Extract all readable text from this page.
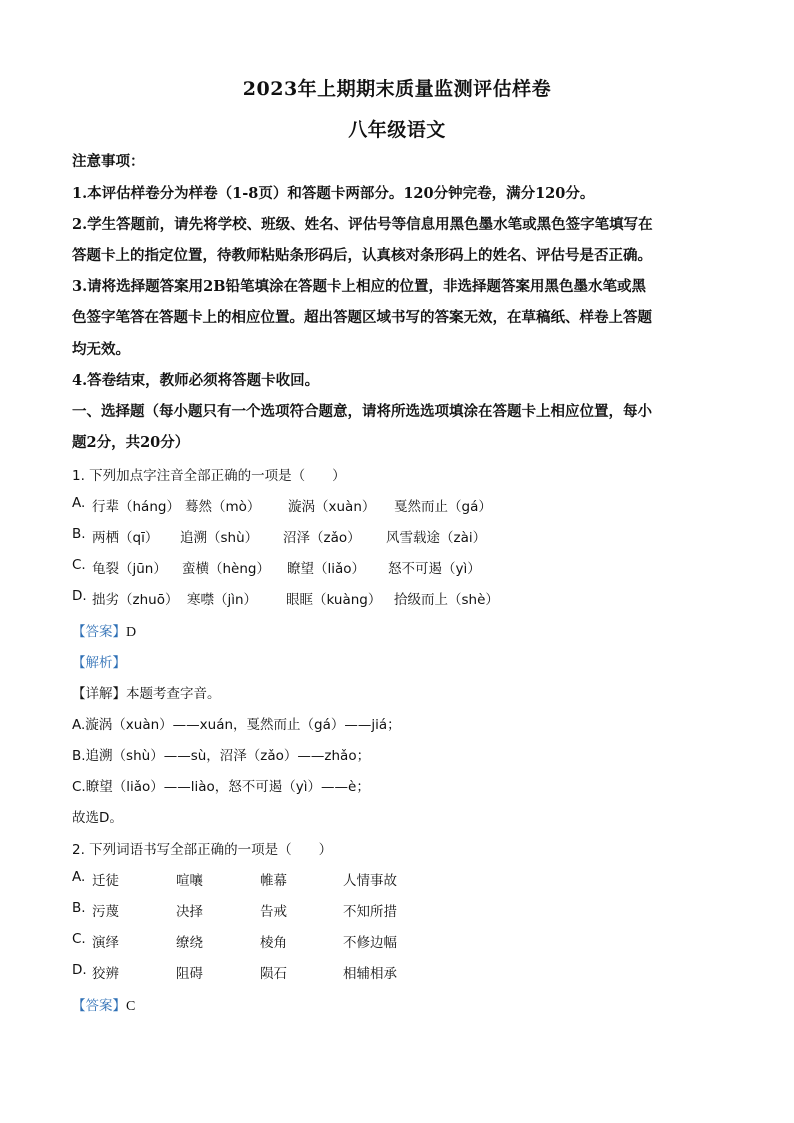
2023年上期期末质量监测评估样卷
八年级语文
注意事项：
1.本评估样卷分为样卷（1-8页）和答题卡两部分。120分钟完卷，满分120分。
2.学生答题前，请先将学校、班级、姓名、评估号等信息用黑色墨水笔或黑色签字笔填写在
答题卡上的指定位置，待教师粘贴条形码后，认真核对条形码上的姓名、评估号是否正确。
3.请将选择题答案用2B铅笔填涂在答题卡上相应的位置，非选择题答案用黑色墨水笔或黑
色签字笔答在答题卡上的相应位置。超出答题区域书写的答案无效，在草稿纸、样卷上答题
均无效。
4.答卷结束，教师必须将答题卡收回。
一、选择题（每小题只有一个选项符合题意，请将所选选项填涂在答题卡上相应位置，每小
题2分，共20分）
1. 下列加点字注音全部正确的一项是（　　）
A. 行辈（háng） 蓦然（mò） 漩涡（xuàn） 戛然而止（gá）
B. 两栖（qī） 追溯（shù） 沼泽（zǎo） 风雪载途（zài）
C. 龟裂（jūn） 蛮横（hèng） 瞭望（liǎo） 怒不可遏（yì）
D. 拙劣（zhuō） 寒噤（jìn） 眼眶（kuàng） 拾级而上（shè）
【答案】D
【解析】
【详解】本题考查字音。
A.漩涡（xuàn）——xuán，戛然而止（gá）——jiá；
B.追溯（shù）——sù，沼泽（zǎo）——zhǎo；
C.瞭望（liǎo）——liào，怒不可遏（yì）——è；
故选D。
2. 下列词语书写全部正确的一项是（　　）
A. 迁徒	喧嚷	帷幕	人情事故
B. 污蔑	决择	告戒	不知所措
C. 演绎	缭绕	棱角	不修边幅
D. 狡辨	阻碍	陨石	相辅相承
【答案】C
